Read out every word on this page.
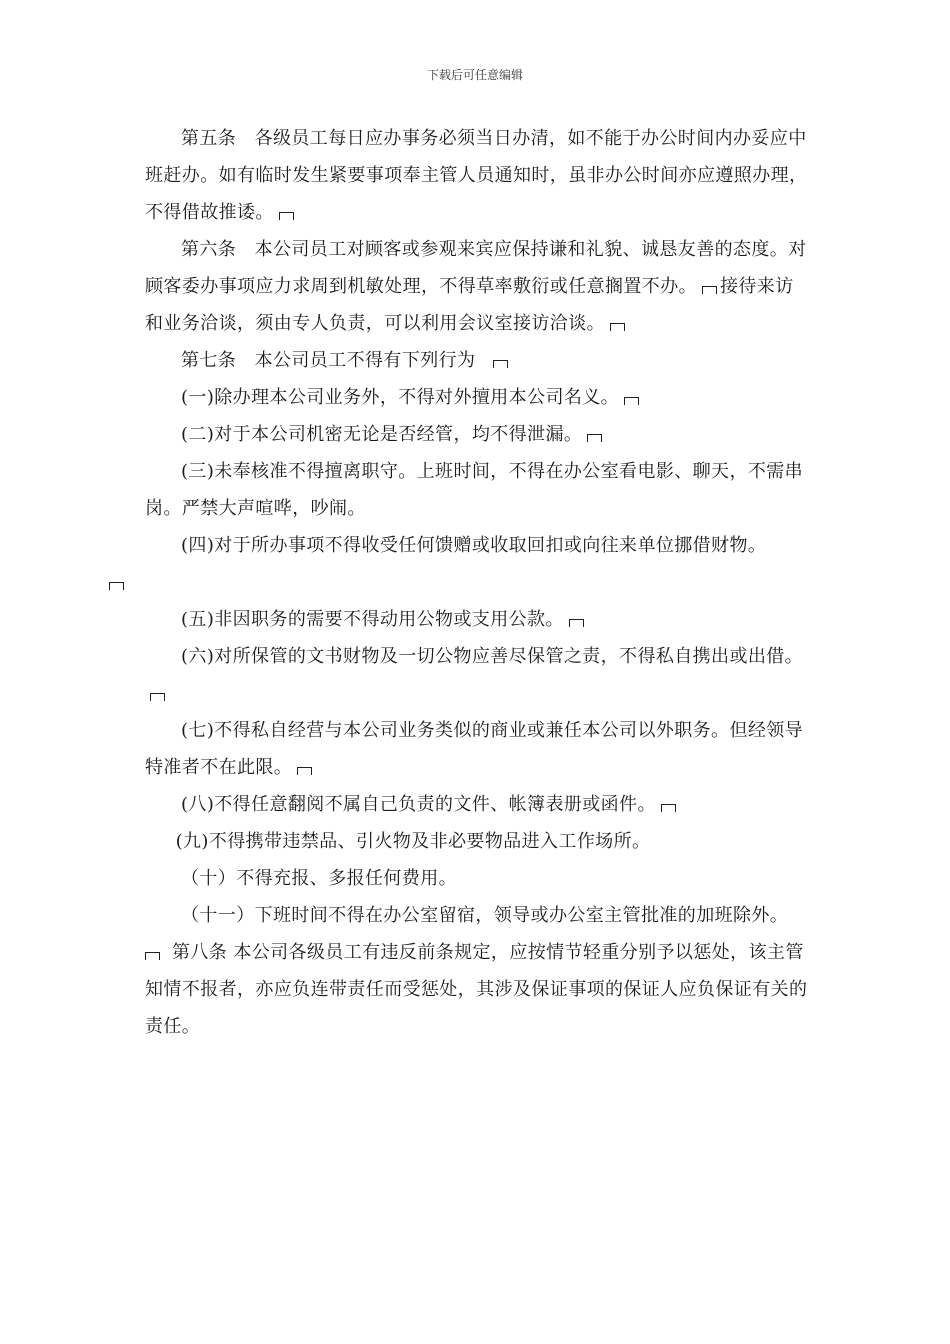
下载后可任意编辑

第五条　各级员工每日应办事务必须当日办清，如不能于办公时间内办妥应中班赶办。如有临时发生紧要事项奉主管人员通知时，虽非办公时间亦应遵照办理，不得借故推诿。

第六条　本公司员工对顾客或参观来宾应保持谦和礼貌、诚恳友善的态度。对顾客委办事项应力求周到机敏处理，不得草率敷衍或任意搁置不办。 接待来访和业务洽谈，须由专人负责，可以利用会议室接访洽谈。

第七条　本公司员工不得有下列行为

(一)除办理本公司业务外，不得对外擅用本公司名义。

(二)对于本公司机密无论是否经管，均不得泄漏。

(三)未奉核准不得擅离职守。上班时间，不得在办公室看电影、聊天，不需串岗。严禁大声喧哗，吵闹。

(四)对于所办事项不得收受任何馈赠或收取回扣或向往来单位挪借财物。

(五)非因职务的需要不得动用公物或支用公款。

(六)对所保管的文书财物及一切公物应善尽保管之责，不得私自携出或出借。

(七)不得私自经营与本公司业务类似的商业或兼任本公司以外职务。但经领导特准者不在此限。

(八)不得任意翻阅不属自己负责的文件、帐簿表册或函件。

(九)不得携带违禁品、引火物及非必要物品进入工作场所。

（十）不得充报、多报任何费用。

（十一）下班时间不得在办公室留宿，领导或办公室主管批准的加班除外。

第八条 本公司各级员工有违反前条规定，应按情节轻重分别予以惩处，该主管知情不报者，亦应负连带责任而受惩处，其涉及保证事项的保证人应负保证有关的责任。
